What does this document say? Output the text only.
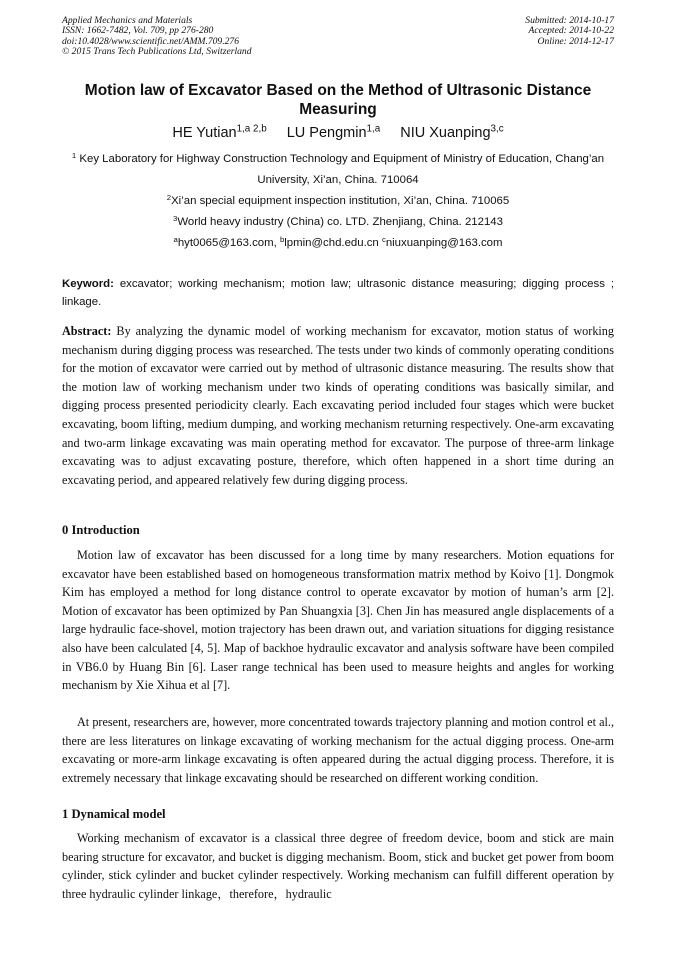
Applied Mechanics and Materials
ISSN: 1662-7482, Vol. 709, pp 276-280
doi:10.4028/www.scientific.net/AMM.709.276
© 2015 Trans Tech Publications Ltd, Switzerland
Submitted: 2014-10-17
Accepted: 2014-10-22
Online: 2014-12-17
Motion law of Excavator Based on the Method of Ultrasonic Distance Measuring
HE Yutian$^{1,a 2,b}$ LU Pengmin$^{1,a}$ NIU Xuanping$^{3,c}$
$^1$ Key Laboratory for Highway Construction Technology and Equipment of Ministry of Education, Chang’an University, Xi’an, China. 710064
$^2$Xi’an special equipment inspection institution, Xi’an, China. 710065
$^3$World heavy industry (China) co. LTD. Zhenjiang, China. 212143
$^a$hyt0065@163.com, $^b$lpmin@chd.edu.cn $^c$niuxuanping@163.com
Keyword: excavator; working mechanism; motion law; ultrasonic distance measuring; digging process ; linkage.
Abstract: By analyzing the dynamic model of working mechanism for excavator, motion status of working mechanism during digging process was researched. The tests under two kinds of commonly operating conditions for the motion of excavator were carried out by method of ultrasonic distance measuring. The results show that the motion law of working mechanism under two kinds of operating conditions was basically similar, and digging process presented periodicity clearly. Each excavating period included four stages which were bucket excavating, boom lifting, medium dumping, and working mechanism returning respectively. One-arm excavating and two-arm linkage excavating was main operating method for excavator. The purpose of three-arm linkage excavating was to adjust excavating posture, therefore, which often happened in a short time during an excavating period, and appeared relatively few during digging process.
0 Introduction
Motion law of excavator has been discussed for a long time by many researchers. Motion equations for excavator have been established based on homogeneous transformation matrix method by Koivo [1]. Dongmok Kim has employed a method for long distance control to operate excavator by motion of human’s arm [2]. Motion of excavator has been optimized by Pan Shuangxia [3]. Chen Jin has measured angle displacements of a large hydraulic face-shovel, motion trajectory has been drawn out, and variation situations for digging resistance also have been calculated [4, 5]. Map of backhoe hydraulic excavator and analysis software have been compiled in VB6.0 by Huang Bin [6]. Laser range technical has been used to measure heights and angles for working mechanism by Xie Xihua et al [7].
At present, researchers are, however, more concentrated towards trajectory planning and motion control et al., there are less literatures on linkage excavating of working mechanism for the actual digging process. One-arm excavating or more-arm linkage excavating is often appeared during the actual digging process. Therefore, it is extremely necessary that linkage excavating should be researched on different working condition.
1 Dynamical model
Working mechanism of excavator is a classical three degree of freedom device, boom and stick are main bearing structure for excavator, and bucket is digging mechanism. Boom, stick and bucket get power from boom cylinder, stick cylinder and bucket cylinder respectively. Working mechanism can fulfill different operation by three hydraulic cylinder linkage，therefore，hydraulic
